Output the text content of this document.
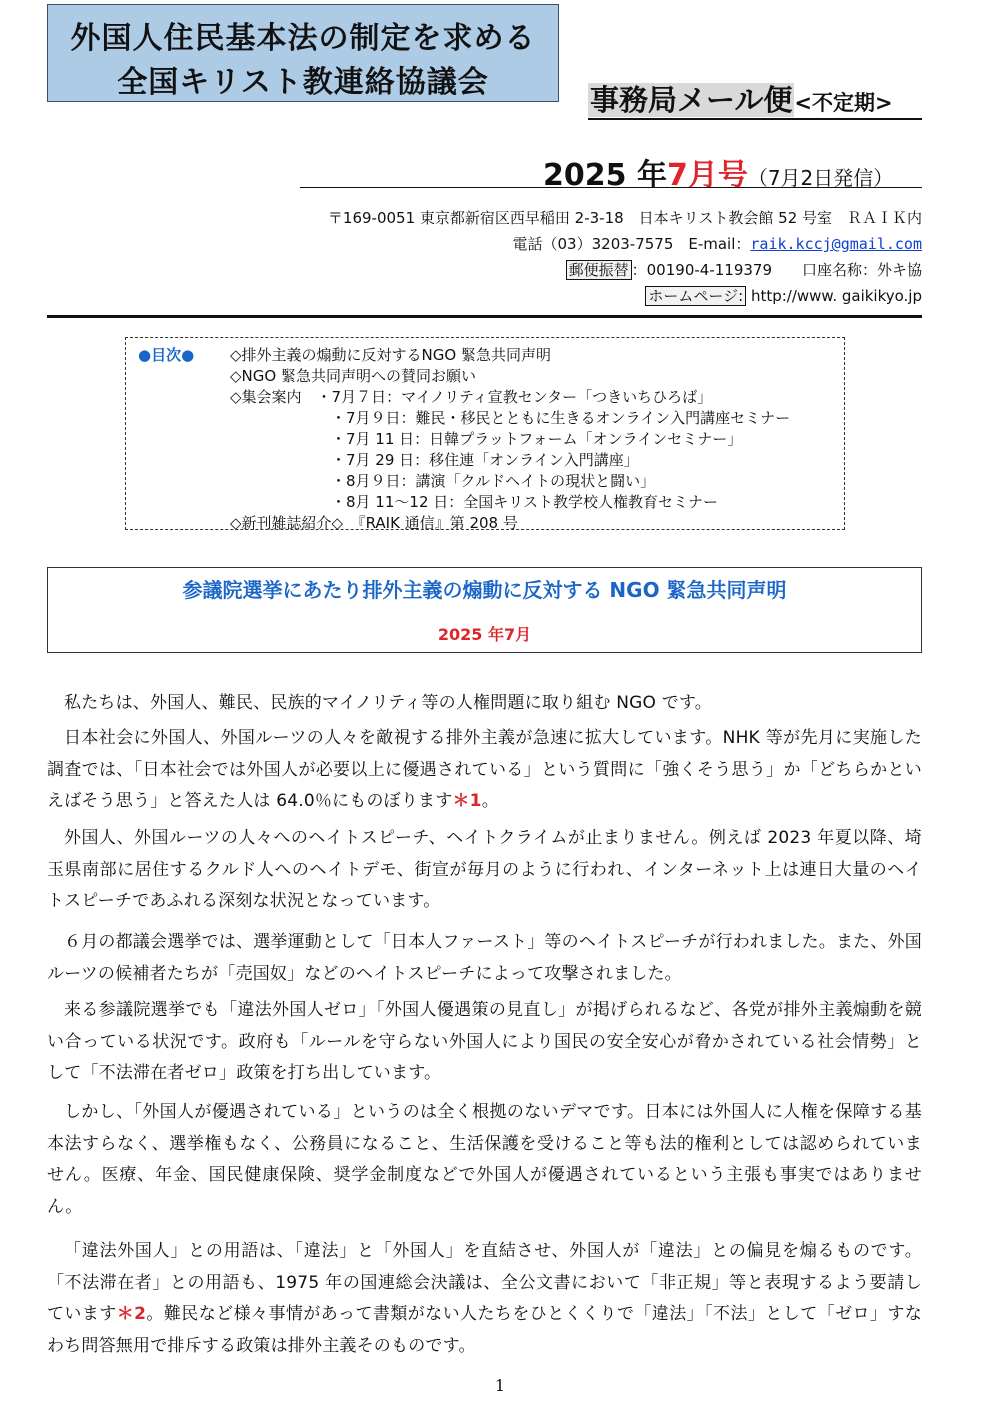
外国人住民基本法の制定を求める
全国キリスト教連絡協議会	事務局メール便<不定期>
2025 年7月号（7月2日発信）
〒169-0051 東京都新宿区西早稲田 2-3-18　日本キリスト教会館 52 号室　ＲＡＩＫ内
電話（03）3203-7575　E-mail：raik.kccj@gmail.com
郵便振替 ：00190-4-119379　　口座名称：外キ協
ホームページ: http://www. gaikikyo.jp
●目次● ◇排外主義の煽動に反対するNGO 緊急共同声明
◇NGO 緊急共同声明への賛同お願い
◇集会案内　・7月７日：マイノリティ宣教センター「つきいちひろば」
・7月９日：難民・移民とともに生きるオンライン入門講座セミナー
・7月 11 日：日韓プラットフォーム「オンラインセミナー」
・7月 29 日：移住連「オンライン入門講座」
・8月９日：講演「クルドヘイトの現状と闘い」
・8月 11～12 日：全国キリスト教学校人権教育セミナー
◇新刊雑誌紹介◇　『RAIK 通信』第 208 号
参議院選挙にあたり排外主義の煽動に反対する NGO 緊急共同声明
2025 年7月

私たちは、外国人、難民、民族的マイノリティ等の人権問題に取り組む NGO です。

日本社会に外国人、外国ルーツの人々を敵視する排外主義が急速に拡大しています。NHK 等が先月に実施した調査では、「日本社会では外国人が必要以上に優遇されている」という質問に「強くそう思う」か「どちらかといえばそう思う」と答えた人は 64.0％にものぼります＊1。

外国人、外国ルーツの人々へのヘイトスピーチ、ヘイトクライムが止まりません。例えば 2023 年夏以降、埼玉県南部に居住するクルド人へのヘイトデモ、街宣が毎月のように行われ、インターネット上は連日大量のヘイトスピーチであふれる深刻な状況となっています。

６月の都議会選挙では、選挙運動として「日本人ファースト」等のヘイトスピーチが行われました。また、外国ルーツの候補者たちが「売国奴」などのヘイトスピーチによって攻撃されました。

来る参議院選挙でも「違法外国人ゼロ」「外国人優遇策の見直し」が掲げられるなど、各党が排外主義煽動を競い合っている状況です。政府も「ルールを守らない外国人により国民の安全安心が脅かされている社会情勢」として「不法滞在者ゼロ」政策を打ち出しています。

しかし、「外国人が優遇されている」というのは全く根拠のないデマです。日本には外国人に人権を保障する基本法すらなく、選挙権もなく、公務員になること、生活保護を受けること等も法的権利としては認められていません。医療、年金、国民健康保険、奨学金制度などで外国人が優遇されているという主張も事実ではありません。

「違法外国人」との用語は、「違法」と「外国人」を直結させ、外国人が「違法」との偏見を煽るものです。「不法滞在者」との用語も、1975 年の国連総会決議は、全公文書において「非正規」等と表現するよう要請しています＊2。難民など様々事情があって書類がない人たちをひとくくりで「違法」「不法」として「ゼロ」すなわち問答無用で排斥する政策は排外主義そのものです。

1
